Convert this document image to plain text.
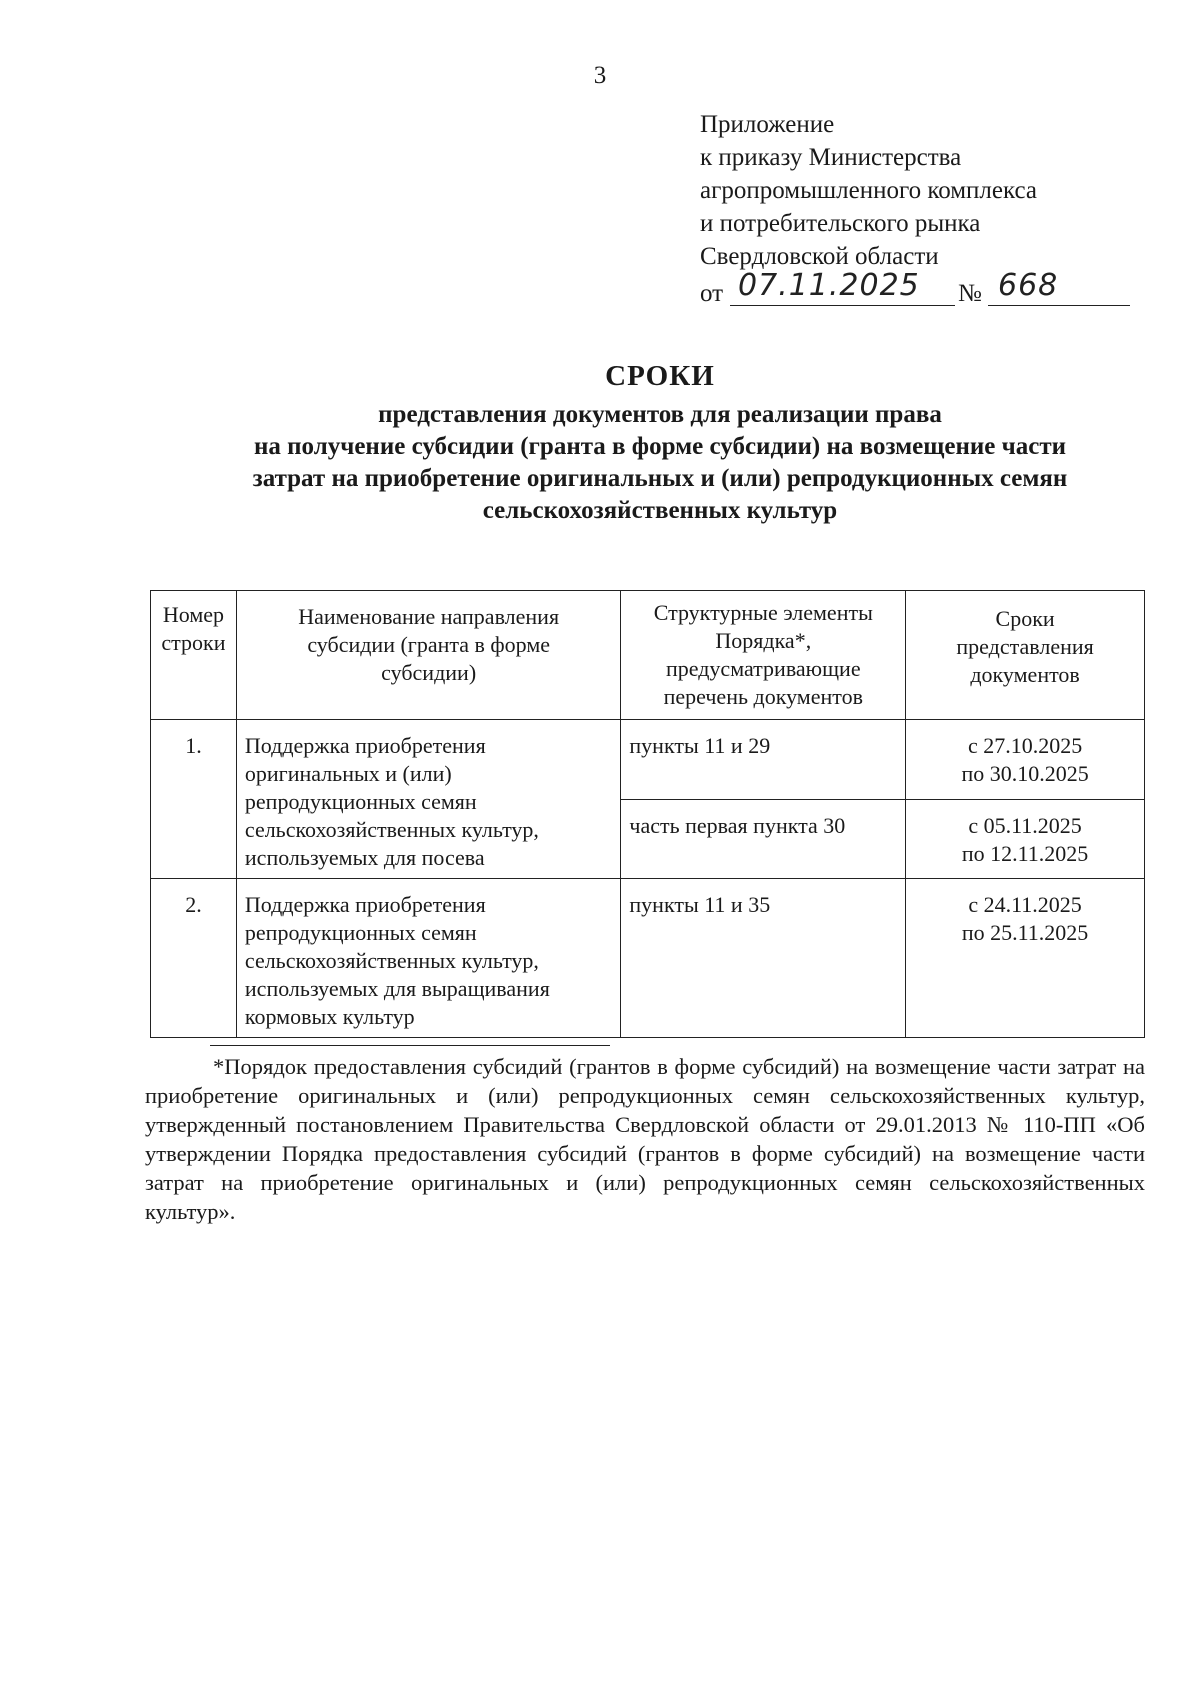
3
Приложение
к приказу Министерства
агропромышленного комплекса
и потребительского рынка
Свердловской области
от 07.11.2025 № 668
СРОКИ
представления документов для реализации права
на получение субсидии (гранта в форме субсидии) на возмещение части
затрат на приобретение оригинальных и (или) репродукционных семян
сельскохозяйственных культур
Номер строки	Наименование направления субсидии (гранта в форме субсидии)	Структурные элементы Порядка*, предусматривающие перечень документов	Сроки представления документов
1.	Поддержка приобретения оригинальных и (или) репродукционных семян сельскохозяйственных культур, используемых для посева	пункты 11 и 29	с 27.10.2025
по 30.10.2025

		часть первая пункта 30	с 05.11.2025
по 12.11.2025

2.	Поддержка приобретения репродукционных семян сельскохозяйственных культур, используемых для выращивания кормовых культур	пункты 11 и 35	с 24.11.2025
по 25.11.2025
*Порядок предоставления субсидий (грантов в форме субсидий) на возмещение части затрат на приобретение оригинальных и (или) репродукционных семян сельскохозяйственных культур, утвержденный постановлением Правительства Свердловской области от 29.01.2013 № 110-ПП «Об утверждении Порядка предоставления субсидий (грантов в форме субсидий) на возмещение части затрат на приобретение оригинальных и (или) репродукционных семян сельскохозяйственных культур».
